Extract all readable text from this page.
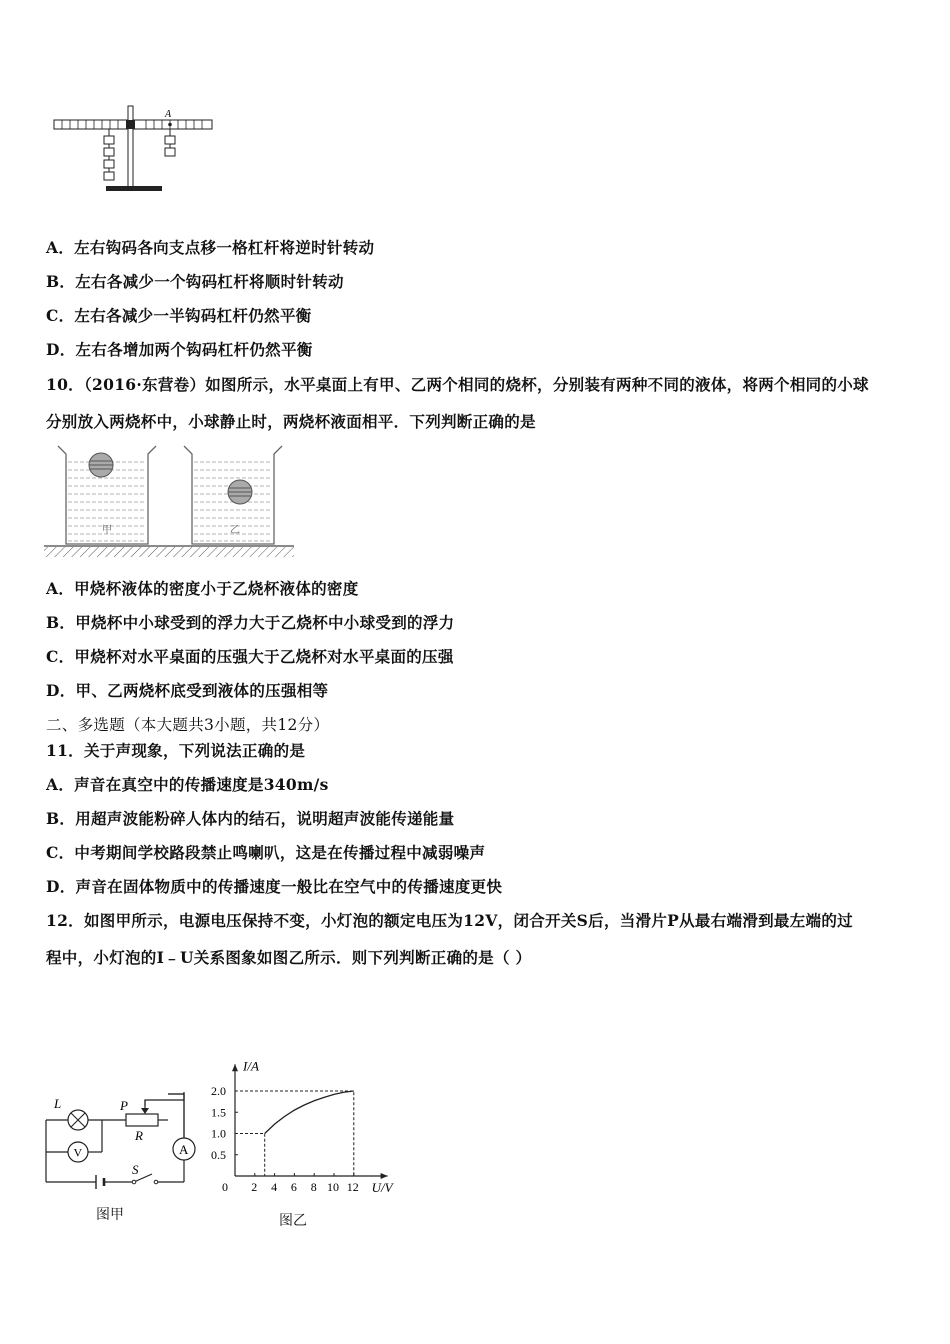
A
A．左右钩码各向支点移一格杠杆将逆时针转动
B．左右各减少一个钩码杠杆将顺时针转动
C．左右各减少一半钩码杠杆仍然平衡
D．左右各增加两个钩码杠杆仍然平衡
10．（2016·东营卷）如图所示，水平桌面上有甲、乙两个相同的烧杯，分别装有两种不同的液体，将两个相同的小球
分别放入两烧杯中，小球静止时，两烧杯液面相平．下列判断正确的是
甲	乙
A．甲烧杯液体的密度小于乙烧杯液体的密度
B．甲烧杯中小球受到的浮力大于乙烧杯中小球受到的浮力
C．甲烧杯对水平桌面的压强大于乙烧杯对水平桌面的压强
D．甲、乙两烧杯底受到液体的压强相等
二、多选题（本大题共3小题，共12分）
11．关于声现象，下列说法正确的是
A．声音在真空中的传播速度是340m/s
B．用超声波能粉碎人体内的结石，说明超声波能传递能量
C．中考期间学校路段禁止鸣喇叭，这是在传播过程中减弱噪声
D．声音在固体物质中的传播速度一般比在空气中的传播速度更快
12．如图甲所示，电源电压保持不变，小灯泡的额定电压为12V，闭合开关S后，当滑片P从最右端滑到最左端的过
程中，小灯泡的I﹣U关系图象如图乙所示．则下列判断正确的是（ ）
V	A
L	P
R
S
图甲
I/A
U/V
0 2 4 6 8 10 12
0.5
1.0
1.5
2.0
图乙
